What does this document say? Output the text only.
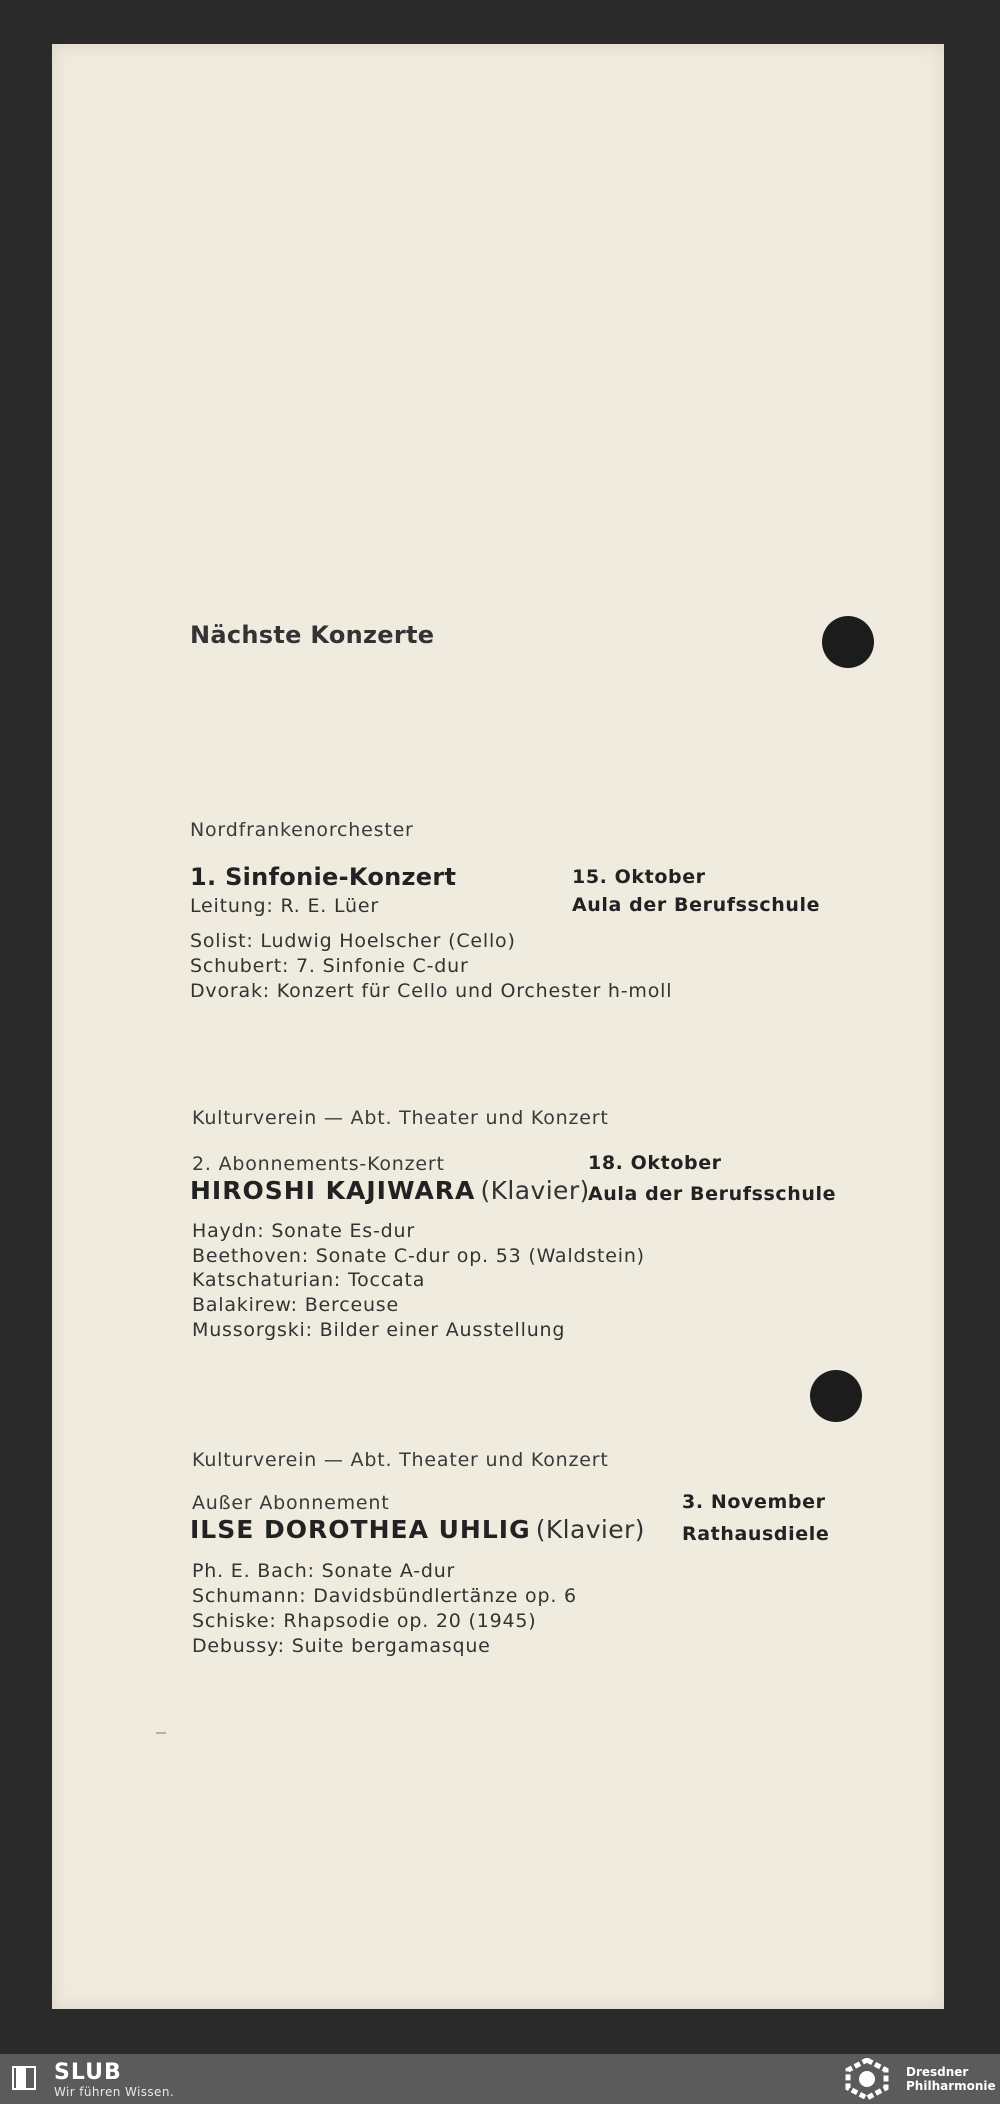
Nächste Konzerte
Nordfrankenorchester
1. Sinfonie-Konzert
Leitung: R. E. Lüer
15. Oktober
Aula der Berufsschule
Solist: Ludwig Hoelscher (Cello)
Schubert: 7. Sinfonie C-dur
Dvorak: Konzert für Cello und Orchester h-moll
Kulturverein — Abt. Theater und Konzert
2. Abonnements-Konzert
HIROSHI KAJIWARA (Klavier)
18. Oktober
Aula der Berufsschule
Haydn: Sonate Es-dur
Beethoven: Sonate C-dur op. 53 (Waldstein)
Katschaturian: Toccata
Balakirew: Berceuse
Mussorgski: Bilder einer Ausstellung
Kulturverein — Abt. Theater und Konzert
Außer Abonnement
ILSE DOROTHEA UHLIG (Klavier)
3. November
Rathausdiele
Ph. E. Bach: Sonate A-dur
Schumann: Davidsbündlertänze op. 6
Schiske: Rhapsodie op. 20 (1945)
Debussy: Suite bergamasque
SLUB
Wir führen Wissen.
Dresdner
Philharmonie
